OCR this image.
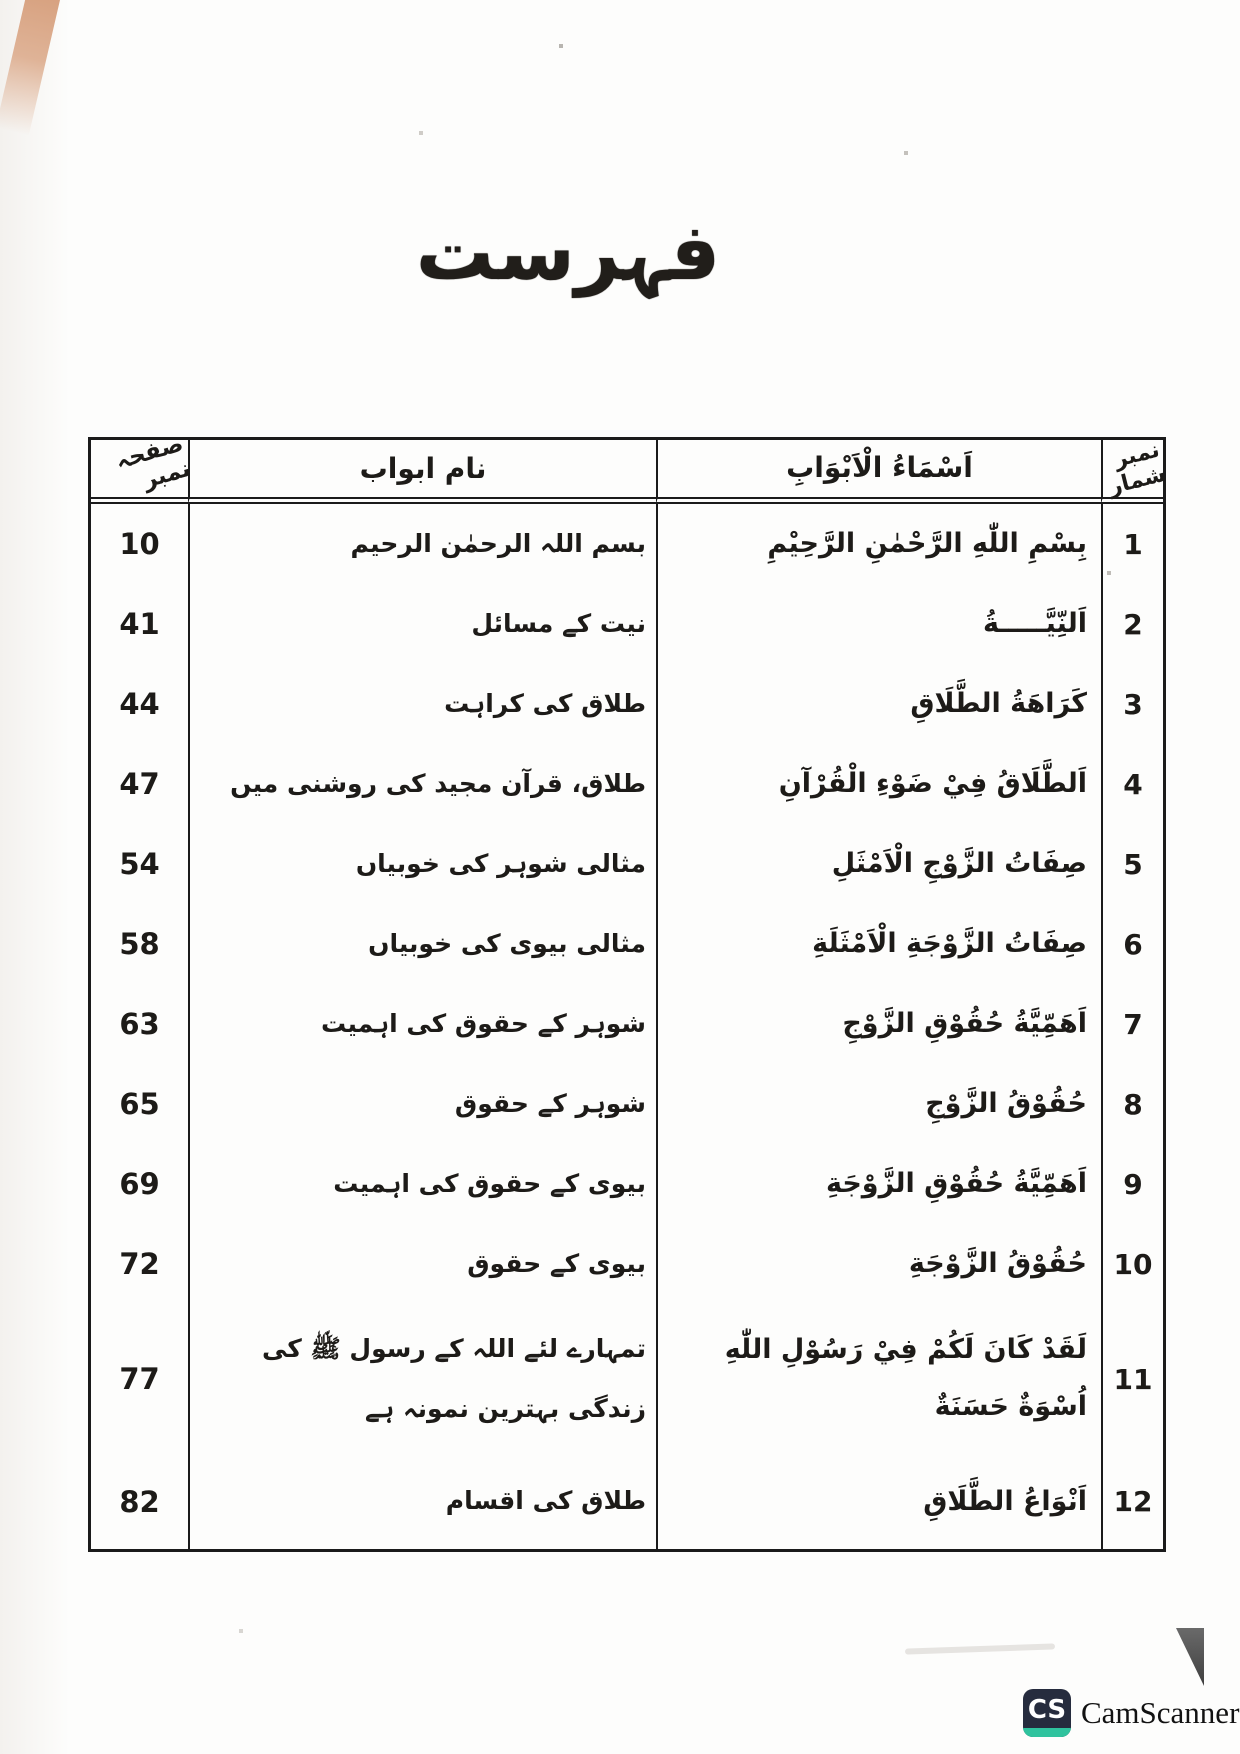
فہرست
نمبر شمار
اَسْمَاءُ الْاَبْوَابِ
نام ابواب
صفحہ نمبر
1
بِسْمِ اللّٰهِ الرَّحْمٰنِ الرَّحِيْمِ
بسم اللہ الرحمٰن الرحیم
10
2
اَلنِّيَّـــــةُ
نیت کے مسائل
41
3
كَرَاهَةُ الطَّلَاقِ
طلاق کی کراہت
44
4
اَلطَّلَاقُ فِيْ ضَوْءِ الْقُرْآنِ
طلاق، قرآن مجید کی روشنی میں
47
5
صِفَاتُ الزَّوْجِ الْاَمْثَلِ
مثالی شوہر کی خوبیاں
54
6
صِفَاتُ الزَّوْجَةِ الْاَمْثَلَةِ
مثالی بیوی کی خوبیاں
58
7
اَهَمِّيَّةُ حُقُوْقِ الزَّوْجِ
شوہر کے حقوق کی اہمیت
63
8
حُقُوْقُ الزَّوْجِ
شوہر کے حقوق
65
9
اَهَمِّيَّةُ حُقُوْقِ الزَّوْجَةِ
بیوی کے حقوق کی اہمیت
69
10
حُقُوْقُ الزَّوْجَةِ
بیوی کے حقوق
72
11
لَقَدْ كَانَ لَكُمْ فِيْ رَسُوْلِ اللّٰهِ اُسْوَةٌ حَسَنَةٌ
تمہارے لئے اللہ کے رسول ﷺ کی زندگی بہترین نمونہ ہے
77
12
اَنْوَاعُ الطَّلَاقِ
طلاق کی اقسام
82
CS CamScanner
